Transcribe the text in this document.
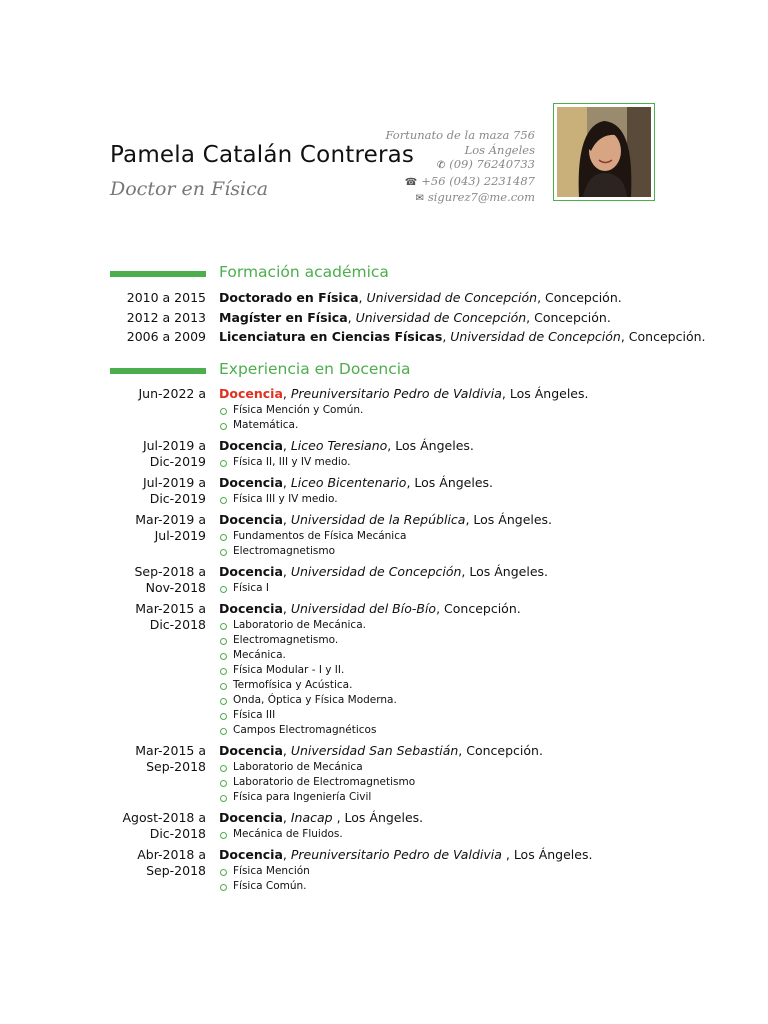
Pamela Catalán Contreras
Doctor en Física
Fortunato de la maza 756
Los Ángeles
✆ (09) 76240733
☎ +56 (043) 2231487
✉ sigurez7@me.com
Formación académica
2010 a 2015 Doctorado en Física, Universidad de Concepción, Concepción.
2012 a 2013 Magíster en Física, Universidad de Concepción, Concepción.
2006 a 2009 Licenciatura en Ciencias Físicas, Universidad de Concepción, Concepción.
Experiencia en Docencia
Jun-2022 a Docencia, Preuniversitario Pedro de Valdivia, Los Ángeles.
Física Mención y Común.
Matemática.
Jul-2019 a
Dic-2019
Docencia, Liceo Teresiano, Los Ángeles.
Física II, III y IV medio.
Jul-2019 a
Dic-2019
Docencia, Liceo Bicentenario, Los Ángeles.
Física III y IV medio.
Mar-2019 a
Jul-2019
Docencia, Universidad de la República, Los Ángeles.
Fundamentos de Física Mecánica
Electromagnetismo
Sep-2018 a
Nov-2018
Docencia, Universidad de Concepción, Los Ángeles.
Física I
Mar-2015 a
Dic-2018
Docencia, Universidad del Bío-Bío, Concepción.
Laboratorio de Mecánica.
Electromagnetismo.
Mecánica.
Física Modular - I y II.
Termofísica y Acústica.
Onda, Óptica y Física Moderna.
Física III
Campos Electromagnéticos
Mar-2015 a
Sep-2018
Docencia, Universidad San Sebastián, Concepción.
Laboratorio de Mecánica
Laboratorio de Electromagnetismo
Física para Ingeniería Civil
Agost-2018 a
Dic-2018
Docencia, Inacap , Los Ángeles.
Mecánica de Fluidos.
Abr-2018 a
Sep-2018
Docencia, Preuniversitario Pedro de Valdivia , Los Ángeles.
Física Mención
Física Común.
